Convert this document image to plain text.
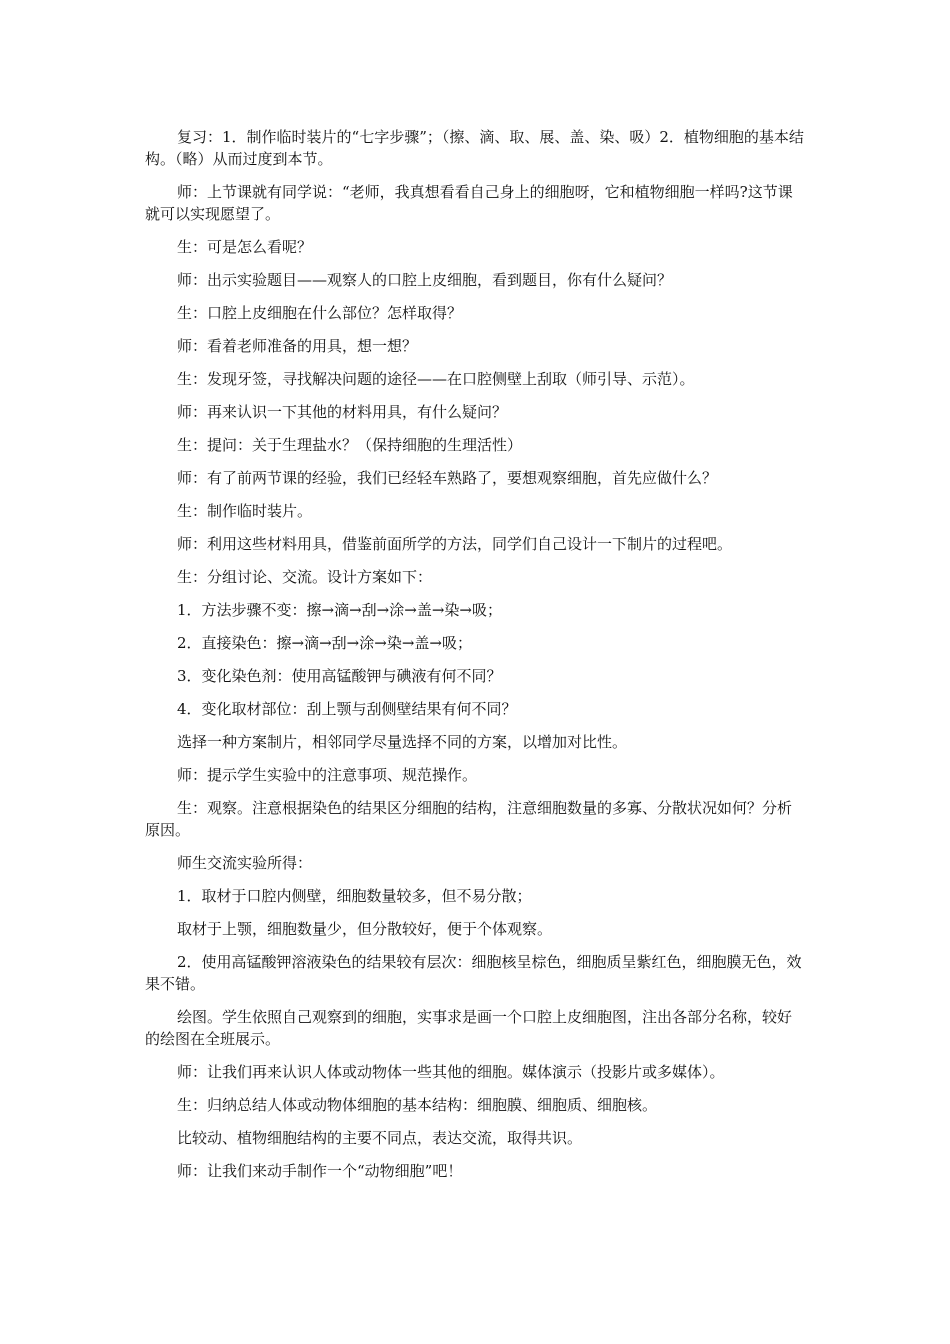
复习：1．制作临时装片的“七字步骤”；（擦、滴、取、展、盖、染、吸）2．植物细胞的基本结构。（略）从而过度到本节。

师：上节课就有同学说：“老师，我真想看看自己身上的细胞呀，它和植物细胞一样吗?这节课就可以实现愿望了。

生：可是怎么看呢？

师：出示实验题目——观察人的口腔上皮细胞，看到题目，你有什么疑问？

生：口腔上皮细胞在什么部位？怎样取得？

师：看着老师准备的用具，想一想？

生：发现牙签，寻找解决问题的途径——在口腔侧壁上刮取（师引导、示范）。

师：再来认识一下其他的材料用具，有什么疑问？

生：提问：关于生理盐水？（保持细胞的生理活性）

师：有了前两节课的经验，我们已经轻车熟路了，要想观察细胞，首先应做什么？

生：制作临时装片。

师：利用这些材料用具，借鉴前面所学的方法，同学们自己设计一下制片的过程吧。

生：分组讨论、交流。设计方案如下：

1．方法步骤不变：擦→滴→刮→涂→盖→染→吸；

2．直接染色：擦→滴→刮→涂→染→盖→吸；

3．变化染色剂：使用高锰酸钾与碘液有何不同？

4．变化取材部位：刮上颚与刮侧壁结果有何不同？

选择一种方案制片，相邻同学尽量选择不同的方案，以增加对比性。

师：提示学生实验中的注意事项、规范操作。

生：观察。注意根据染色的结果区分细胞的结构，注意细胞数量的多寡、分散状况如何？分析原因。

师生交流实验所得：

1．取材于口腔内侧壁，细胞数量较多，但不易分散；

取材于上颚，细胞数量少，但分散较好，便于个体观察。

2．使用高锰酸钾溶液染色的结果较有层次：细胞核呈棕色，细胞质呈紫红色，细胞膜无色，效果不错。

绘图。学生依照自己观察到的细胞，实事求是画一个口腔上皮细胞图，注出各部分名称，较好的绘图在全班展示。

师：让我们再来认识人体或动物体一些其他的细胞。媒体演示（投影片或多媒体）。

生：归纳总结人体或动物体细胞的基本结构：细胞膜、细胞质、细胞核。

比较动、植物细胞结构的主要不同点，表达交流，取得共识。

师：让我们来动手制作一个“动物细胞”吧！
